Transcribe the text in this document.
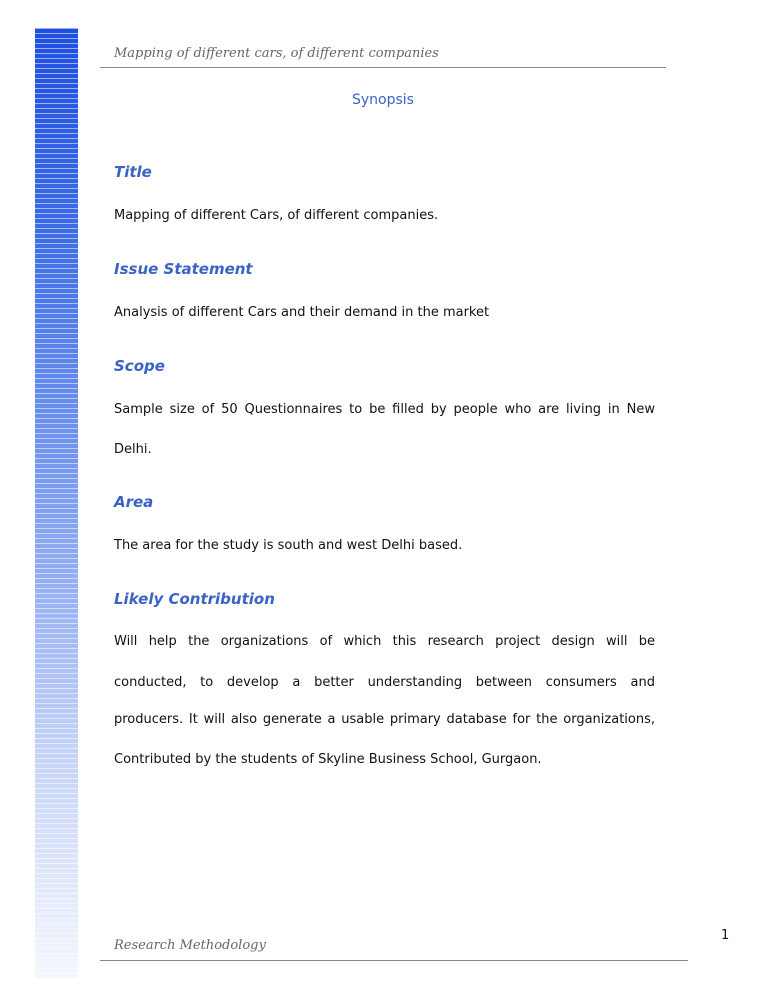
Mapping of different cars, of different companies
Synopsis
Title
Mapping of different Cars, of different companies.
Issue Statement
Analysis of different Cars and their demand in the market
Scope
Sample size of 50 Questionnaires to be filled by people who are living in New
Delhi.
Area
The area for the study is south and west Delhi based.
Likely Contribution
Will help the organizations of which this research project design will be
conducted, to develop a better understanding between consumers and
producers. It will also generate a usable primary database for the organizations,
Contributed by the students of Skyline Business School, Gurgaon.
1
Research Methodology
